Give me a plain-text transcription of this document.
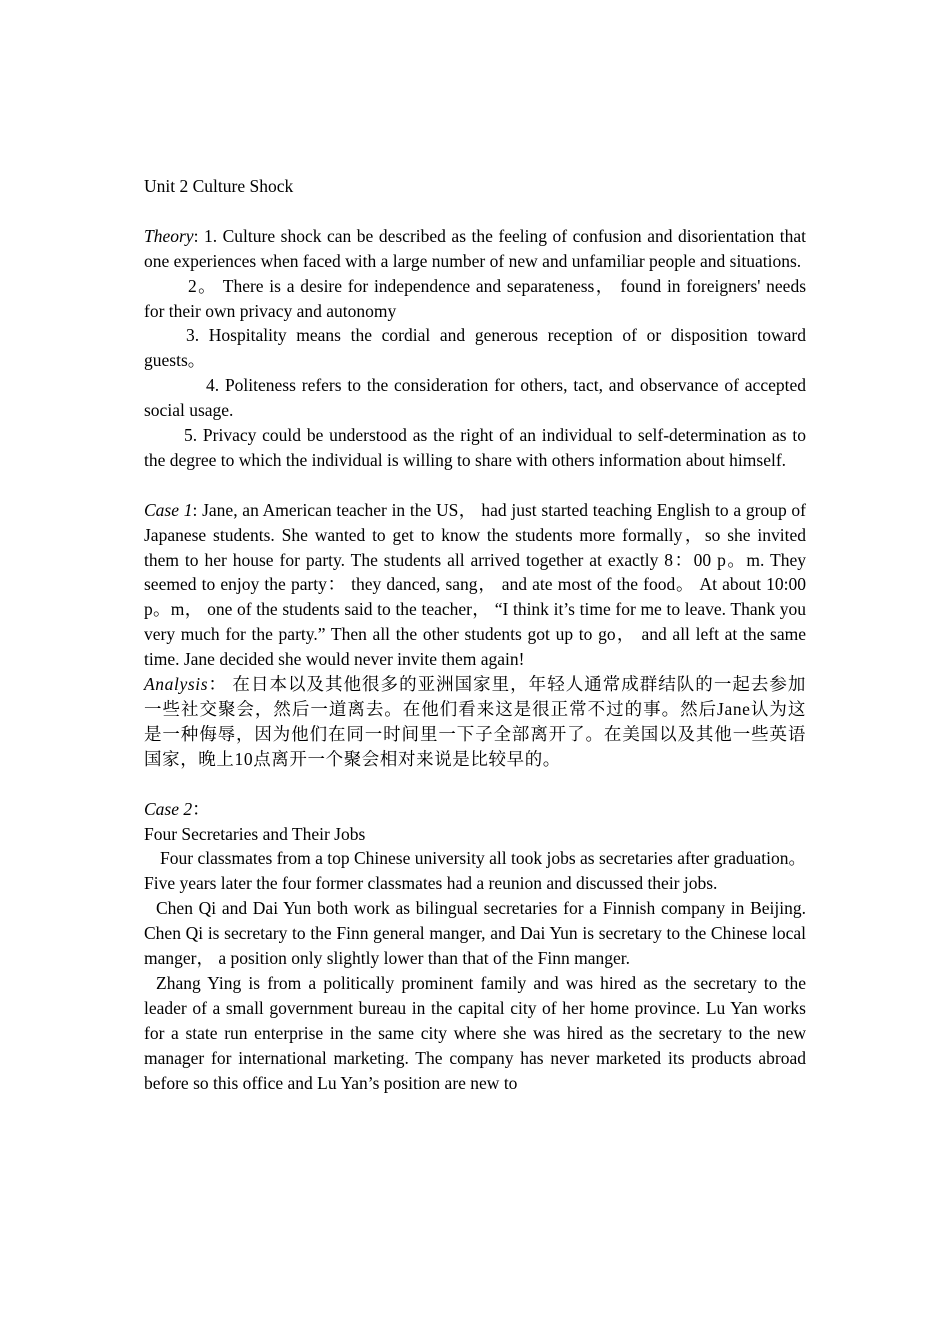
Unit 2 Culture Shock

Theory: 1. Culture shock can be described as the feeling of confusion and disorientation that one experiences when faced with a large number of new and unfamiliar people and situations.

2。 There is a desire for independence and separateness， found in foreigners' needs for their own privacy and autonomy

3. Hospitality means the cordial and generous reception of or disposition toward guests。

4. Politeness refers to the consideration for others, tact, and observance of accepted social usage.

5. Privacy could be understood as the right of an individual to self-determination as to the degree to which the individual is willing to share with others information about himself.

Case 1: Jane, an American teacher in the US， had just started teaching English to a group of Japanese students. She wanted to get to know the students more formally，so she invited them to her house for party. The students all arrived together at exactly 8：00 p。m. They seemed to enjoy the party： they danced, sang， and ate most of the food。 At about 10:00 p。m， one of the students said to the teacher， “I think it’s time for me to leave. Thank you very much for the party.” Then all the other students got up to go， and all left at the same time. Jane decided she would never invite them again!

Analysis： 在日本以及其他很多的亚洲国家里，年轻人通常成群结队的一起去参加一些社交聚会，然后一道离去。在他们看来这是很正常不过的事。然后Jane认为这是一种侮辱，因为他们在同一时间里一下子全部离开了。在美国以及其他一些英语国家，晚上10点离开一个聚会相对来说是比较早的。

Case 2：

Four Secretaries and Their Jobs

Four classmates from a top Chinese university all took jobs as secretaries after graduation。 Five years later the four former classmates had a reunion and discussed their jobs.

Chen Qi and Dai Yun both work as bilingual secretaries for a Finnish company in Beijing. Chen Qi is secretary to the Finn general manger, and Dai Yun is secretary to the Chinese local manger， a position only slightly lower than that of the Finn manger.

Zhang Ying is from a politically prominent family and was hired as the secretary to the leader of a small government bureau in the capital city of her home province. Lu Yan works for a state run enterprise in the same city where she was hired as the secretary to the new manager for international marketing. The company has never marketed its products abroad before so this office and Lu Yan’s position are new to
